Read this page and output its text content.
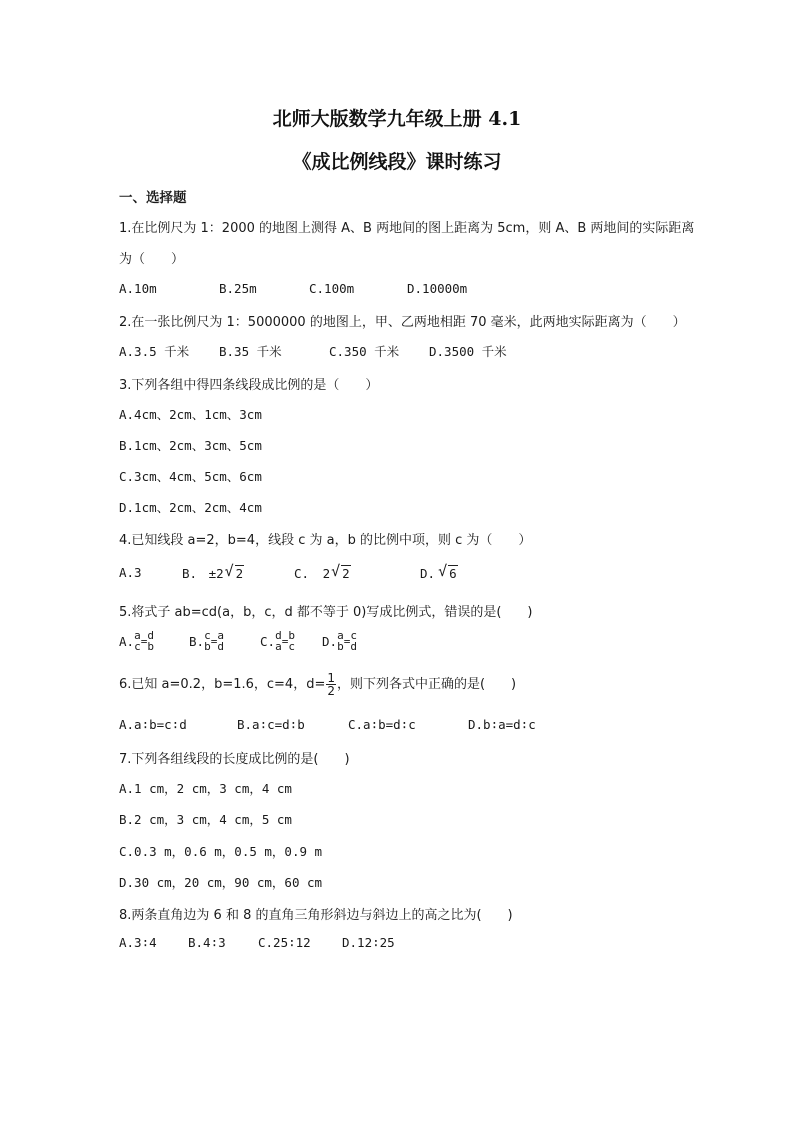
北师大版数学九年级上册 4.1
《成比例线段》课时练习
一、选择题
1.在比例尺为 1：2000 的地图上测得 A、B 两地间的图上距离为 5cm，则 A、B 两地间的实际距离
为（　　）
A.10m	B.25m	C.100m	D.10000m
2.在一张比例尺为 1：5000000 的地图上，甲、乙两地相距 70 毫米，此两地实际距离为（　　）
A.3.5 千米 B.35 千米	C.350 千米 D.3500 千米
3.下列各组中得四条线段成比例的是（　　）
A.4cm、2cm、1cm、3cm
B.1cm、2cm、3cm、5cm
C.3cm、4cm、5cm、6cm
D.1cm、2cm、2cm、4cm
4.已知线段 a=2，b=4，线段 c 为 a，b 的比例中项，则 c 为（　　）
A.3	B. ±2 √ 2	C. 2 √ 2	D. √ 6
5.将式子 ab=cd(a，b，c，d 都不等于 0)写成比例式，错误的是(　　)
A. a
c = d
b	B. c
b = a
d	C. d
a = b
c D. a
b = c
d
6.已知 a=0.2，b=1.6，c=4，$d= \frac{1}{2}$ ，则下列各式中正确的是(　　)
A.a∶b=c∶d	B.a∶c=d∶b	C.a∶b=d∶c	D.b∶a=d∶c
7.下列各组线段的长度成比例的是(　　)
A.1 cm，2 cm，3 cm，4 cm
B.2 cm，3 cm，4 cm，5 cm
C.0.3 m，0.6 m，0.5 m，0.9 m
D.30 cm，20 cm，90 cm，60 cm
8.两条直角边为 6 和 8 的直角三角形斜边与斜边上的高之比为(　　)
A.3∶4	B.4∶3	C.25∶12	D.12∶25
